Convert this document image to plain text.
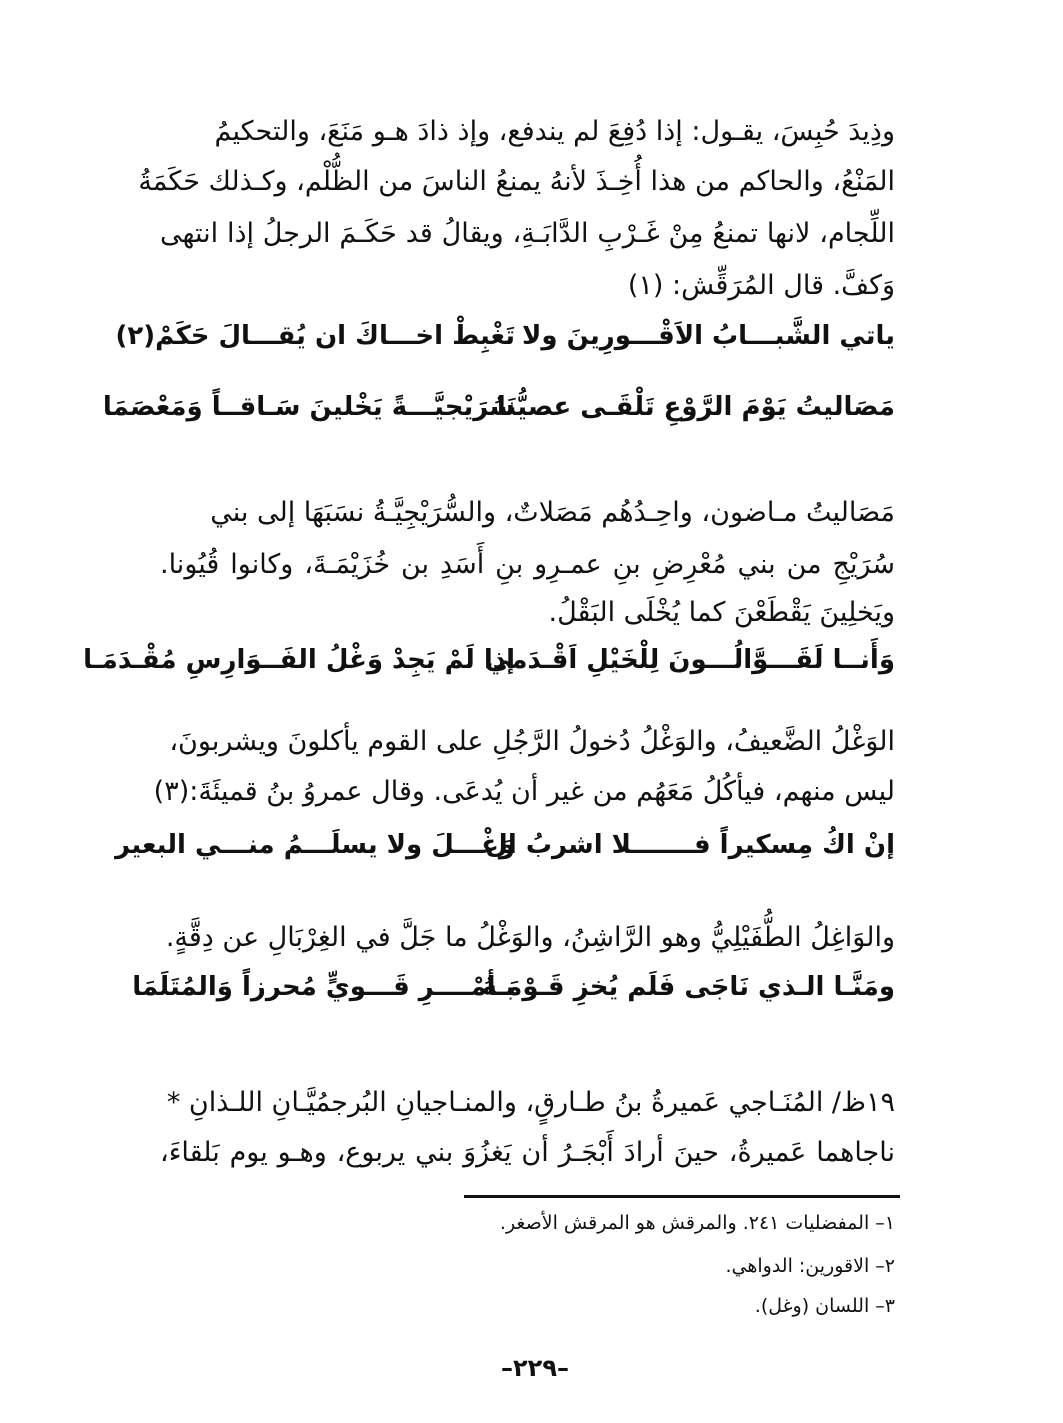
وذِيدَ حُبِسَ، يقـول: إذا دُفِعَ لم يندفع، وإذ ذادَ هـو مَنَعَ، والتحكيمُ
المَنْعُ، والحاكم من هذا أُخِـذَ لأنهُ يمنعُ الناسَ من الظُّلْم، وكـذلك حَكَمَةُ
اللِّجام، لانها تمنعُ مِنْ غَـرْبِ الدَّابَـةِ، ويقالُ قد حَكَـمَ الرجلُ إذا انتهى
وَكفَّ. قال المُرَقِّش: (١)
ياتي الشَّبـــابُ الاَقْـــورِينَ ولا
تَغْبِطْ اخـــاكَ ان يُقـــالَ حَكَمْ(٢)
مَصَاليتُ يَوْمَ الرَّوْعِ تَلْقَـى عصيُّنَا
سُرَيْجيَّـــةً يَخْلينَ سَـاقــاً وَمَعْصَمَا
مَصَاليتُ مـاضون، واحِـدُهُم مَصَلاتٌ، والسُّرَيْجِيَّـةُ نسَبَهَا إلى بني
سُرَيْجِ من بني مُعْرِضِ بنِ عمـرِو بنِ أَسَدِ بن خُزَيْمَـةَ، وكانوا قُيُونا.
ويَخلِينَ يَقْطَعْنَ كما يُخْلَى البَقْلُ.
وَأَنــا لَقَـــوَّالُـــونَ لِلْخَيْلِ اَقْـدَمي
إذا لَمْ يَجِدْ وَغْلُ الفَــوَارِسِ مُقْـدَمَـا
الوَغْلُ الضَّعيفُ، والوَغْلُ دُخولُ الرَّجُلِ على القوم يأكلونَ ويشربونَ،
ليس منهم، فيأكُلُ مَعَهُم من غير أن يُدعَى. وقال عمروُ بنُ قميئَةَ:(٣)
إنْ اكُ مِسكيراً فـــــــلا اشربُ ال
وَغْـــلَ ولا يسلَـــمُ منـــي البعير
والوَاغِلُ الطُّفَيْلِيُّ وهو الرَّاشِنُ، والوَغْلُ ما جَلَّ في الغِرْبَالِ عن دِقَّةٍ.
ومَنَّـا الـذي نَاجَى فَلَم يُخزِ قَـوْمَـهُ
بـأمْــــرِ قَـــويٍّ مُحرزاً وَالمُتَلَمَا
١٩ظ/ المُنَـاجي عَميرةُ بنُ طـارقٍ، والمنـاجيانِ البُرجمُيَّـانِ اللـذانِ *
ناجاهما عَميرةُ، حينَ أرادَ أَبْجَـرُ أن يَغزُوَ بني يربوع، وهـو يوم بَلقاءَ،
١– المفضليات ٢٤١. والمرقش هو المرقش الأصغر.
٢– الاقورين: الدواهي.
٣– اللسان (وغل).
–٢٢٩–
